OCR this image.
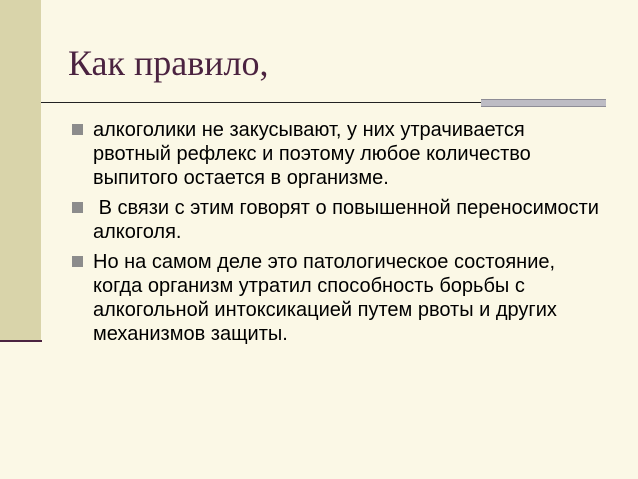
Как правило,
алкоголики не закусывают, у них утрачивается рвотный рефлекс и поэтому любое количество выпитого остается в организме.
В связи с этим говорят о повышенной переносимости алкоголя.
Но на самом деле это патологическое состояние, когда организм утратил способность борьбы с алкогольной интоксикацией путем рвоты и других механизмов защиты.
